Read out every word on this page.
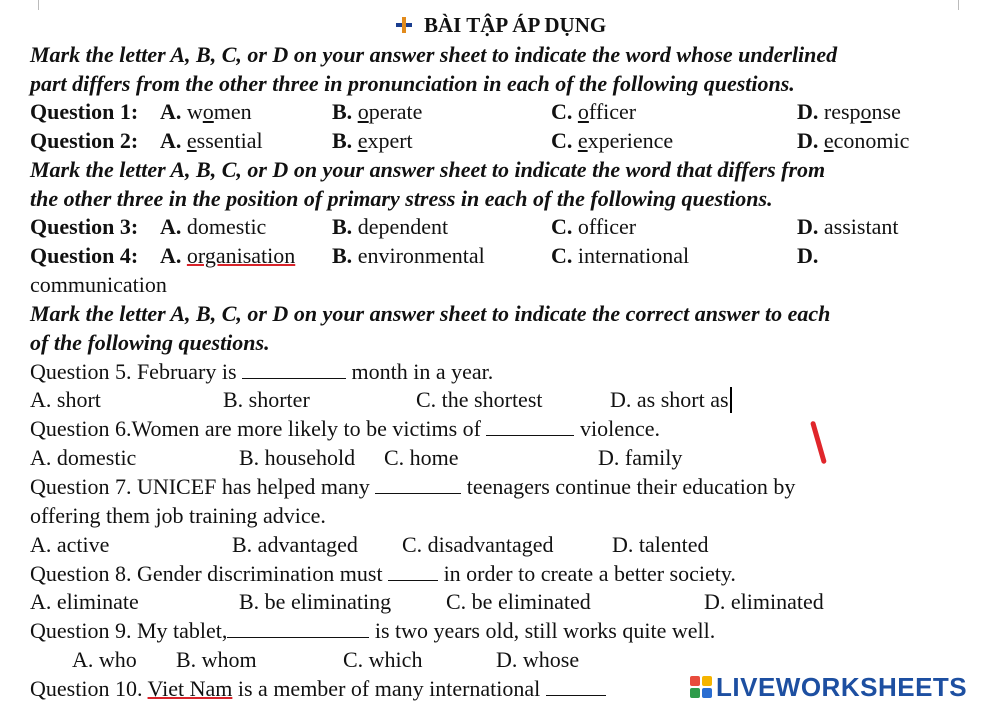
BÀI TẬP ÁP DỤNG
Mark the letter A, B, C, or D on your answer sheet to indicate the word whose underlined
part differs from the other three in pronunciation in each of the following questions.
Question 1: A. women	B. operate	C. officer	D. response
Question 2: A. essential	B. expert	C. experience	D. economic
Mark the letter A, B, C, or D on your answer sheet to indicate the word that differs from
the other three in the position of primary stress in each of the following questions.
Question 3: A. domestic	B. dependent	C. officer	D. assistant
Question 4: A. organisation B. environmental	C. international	D.
communication
Mark the letter A, B, C, or D on your answer sheet to indicate the correct answer to each
of the following questions.
Question 5. February is	month in a year.
A. short	B. shorter	C. the shortest	D. as short as
Question 6.Women are more likely to be victims of	violence.
A. domestic	B. household C. home	D. family
Question 7. UNICEF has helped many	teenagers continue their education by
offering them job training advice.
A. active	B. advantaged C. disadvantaged	D. talented
Question 8. Gender discrimination must  in order to create a better society.
A. eliminate	B. be eliminating C. be eliminated	D. eliminated
Question 9. My tablet,	is two years old, still works quite well.
A. who B. whom	C. which	D. whose
Question 10. Viet Nam is a member of many international	LIVEWORKSHEETS
